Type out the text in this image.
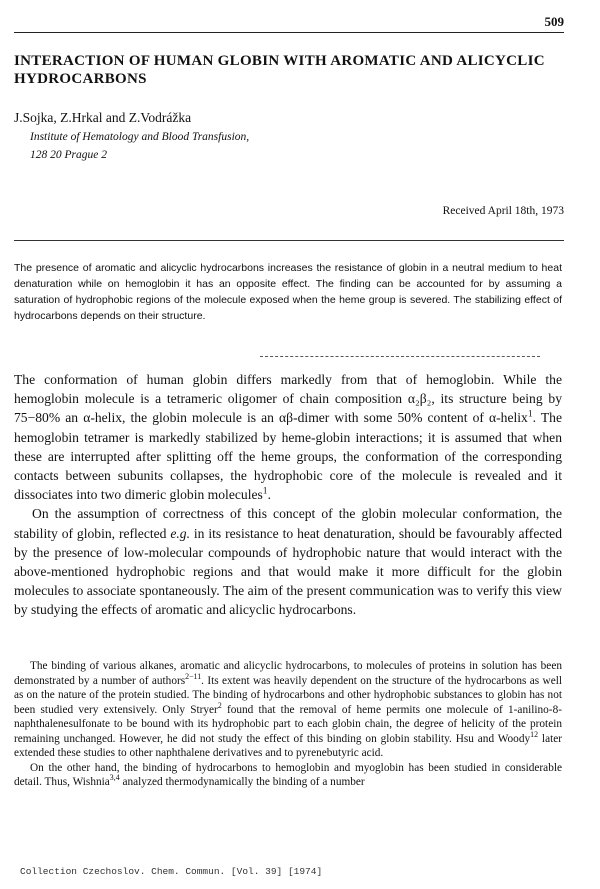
509
INTERACTION OF HUMAN GLOBIN WITH AROMATIC AND ALICYCLIC HYDROCARBONS
J.Sojka, Z.Hrkal and Z.Vodrážka
Institute of Hematology and Blood Transfusion,
128 20 Prague 2
Received April 18th, 1973

The presence of aromatic and alicyclic hydrocarbons increases the resistance of globin in a neutral medium to heat denaturation while on hemoglobin it has an opposite effect. The finding can be accounted for by assuming a saturation of hydrophobic regions of the molecule exposed when the heme group is severed. The stabilizing effect of hydrocarbons depends on their structure.

The conformation of human globin differs markedly from that of hemoglobin. While the hemoglobin molecule is a tetrameric oligomer of chain composition α₂β₂, its structure being by 75−80% an α-helix, the globin molecule is an αβ-dimer with some 50% content of α-helix$^1$. The hemoglobin tetramer is markedly stabilized by heme-globin interactions; it is assumed that when these are interrupted after splitting off the heme groups, the conformation of the corresponding contacts between subunits collapses, the hydrophobic core of the molecule is revealed and it dissociates into two dimeric globin molecules$^1$.

On the assumption of correctness of this concept of the globin molecular conformation, the stability of globin, reflected e.g. in its resistance to heat denaturation, should be favourably affected by the presence of low-molecular compounds of hydrophobic nature that would interact with the above-mentioned hydrophobic regions and that would make it more difficult for the globin molecules to associate spontaneously. The aim of the present communication was to verify this view by studying the effects of aromatic and alicyclic hydrocarbons.

The binding of various alkanes, aromatic and alicyclic hydrocarbons, to molecules of proteins in solution has been demonstrated by a number of authors$^{2-11}$. Its extent was heavily dependent on the structure of the hydrocarbons as well as on the nature of the protein studied. The binding of hydrocarbons and other hydrophobic substances to globin has not been studied very extensively. Only Stryer$^2$ found that the removal of heme permits one molecule of 1-anilino-8-naphthalenesulfonate to be bound with its hydrophobic part to each globin chain, the degree of helicity of the protein remaining unchanged. However, he did not study the effect of this binding on globin stability. Hsu and Woody$^{12}$ later extended these studies to other naphthalene derivatives and to pyrenebutyric acid.

On the other hand, the binding of hydrocarbons to hemoglobin and myoglobin has been studied in considerable detail. Thus, Wishnia$^{3,4}$ analyzed thermodynamically the binding of a number

Collection Czechoslov. Chem. Commun. [Vol. 39] [1974]
